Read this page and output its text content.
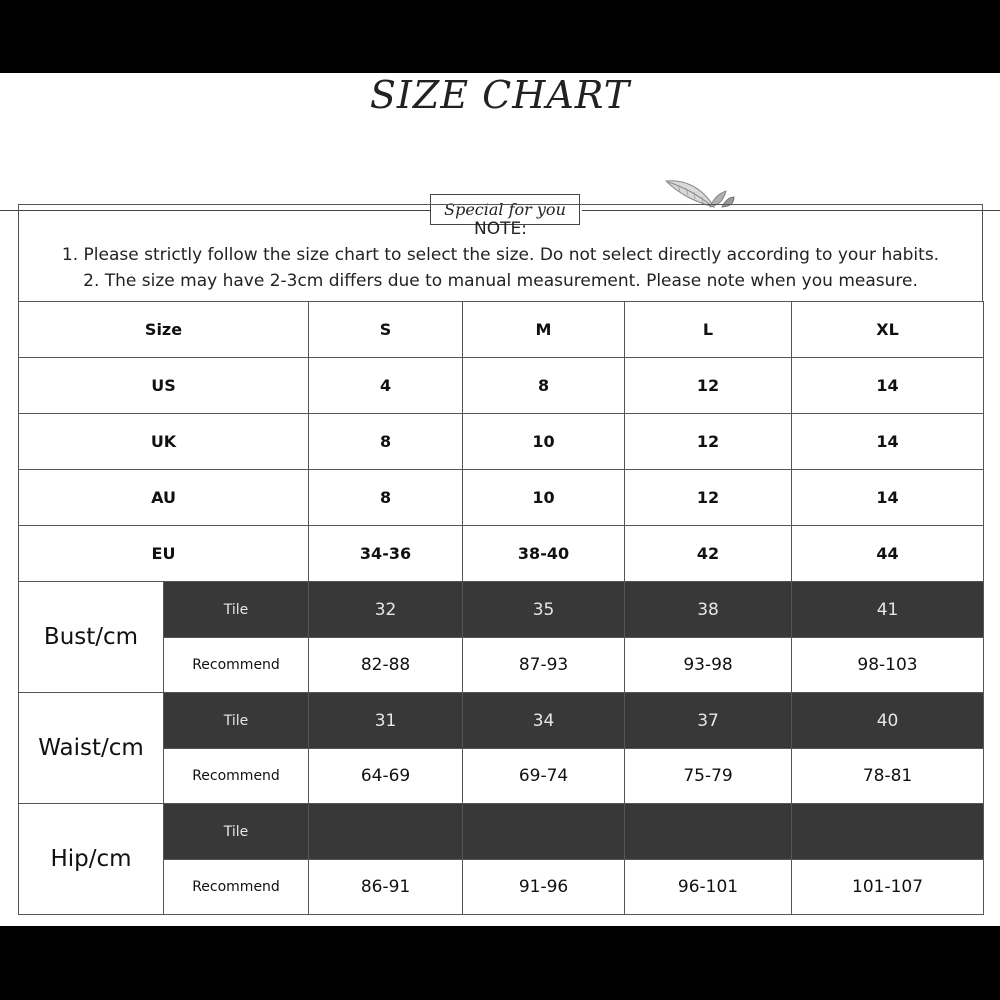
SIZE CHART
Special for you
NOTE:
1. Please strictly follow the size chart to select the size. Do not select directly according to your habits.
2. The size may have 2-3cm differs due to manual measurement. Please note when you measure.
Size		S	M	L	XL
US		4	8	12	14
UK		8	10	12	14
AU		8	10	12	14
EU		34-36	38-40	42	44
Bust/cm	Tile	32	35	38	41
	Recommend	82-88	87-93	93-98	98-103
Waist/cm	Tile	31	34	37	40
	Recommend	64-69	69-74	75-79	78-81
Hip/cm	Tile				
	Recommend	86-91	91-96	96-101	101-107
